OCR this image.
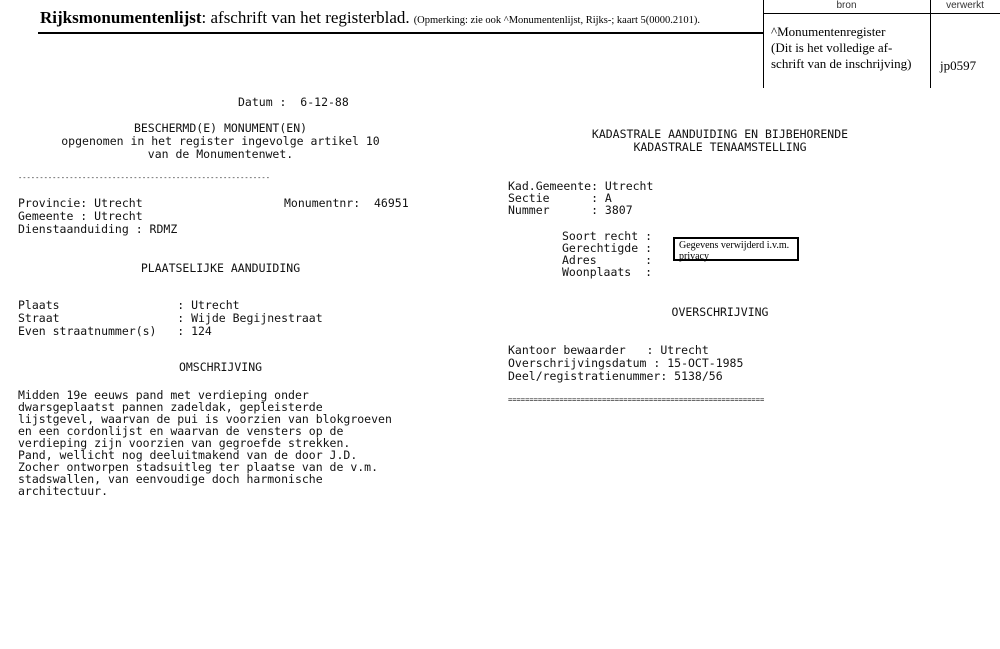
Rijksmonumentenlijst: afschrift van het registerblad. (Opmerking: zie ook ^Monumentenlijst, Rijks-; kaart 5(0000.2101).
bron	verwerkt
^Monumentenregister
(Dit is het volledige af-
schrift van de inschrijving)	jp0597
Datum :  6-12-88
BESCHERMD(E) MONUMENT(EN)
opgenomen in het register ingevolge artikel 10
van de Monumentenwet.
-----------------------------------------------------------
Provincie: Utrecht	Monumentnr:  46951
Gemeente : Utrecht
Dienstaanduiding : RDMZ
PLAATSELIJKE AANDUIDING
Plaats                 : Utrecht
Straat                 : Wijde Begijnestraat
Even straatnummer(s)   : 124
OMSCHRIJVING
Midden 19e eeuws pand met verdieping onder
dwarsgeplaatst pannen zadeldak, gepleisterde
lijstgevel, waarvan de pui is voorzien van blokgroeven
en een cordonlijst en waarvan de vensters op de
verdieping zijn voorzien van gegroefde strekken.
Pand, wellicht nog deeluitmakend van de door J.D.
Zocher ontworpen stadsuitleg ter plaatse van de v.m.
stadswallen, van eenvoudige doch harmonische
architectuur.
KADASTRALE AANDUIDING EN BIJBEHORENDE
KADASTRALE TENAAMSTELLING
Kad.Gemeente: Utrecht
Sectie      : A
Nummer      : 3807
Soort recht :
Gerechtigde :
Adres       :
Woonplaats  :
Gegevens verwijderd i.v.m. privacy
OVERSCHRIJVING
Kantoor bewaarder   : Utrecht
Overschrijvingsdatum : 15-OCT-1985
Deel/registratienummer: 5138/56
============================================================
